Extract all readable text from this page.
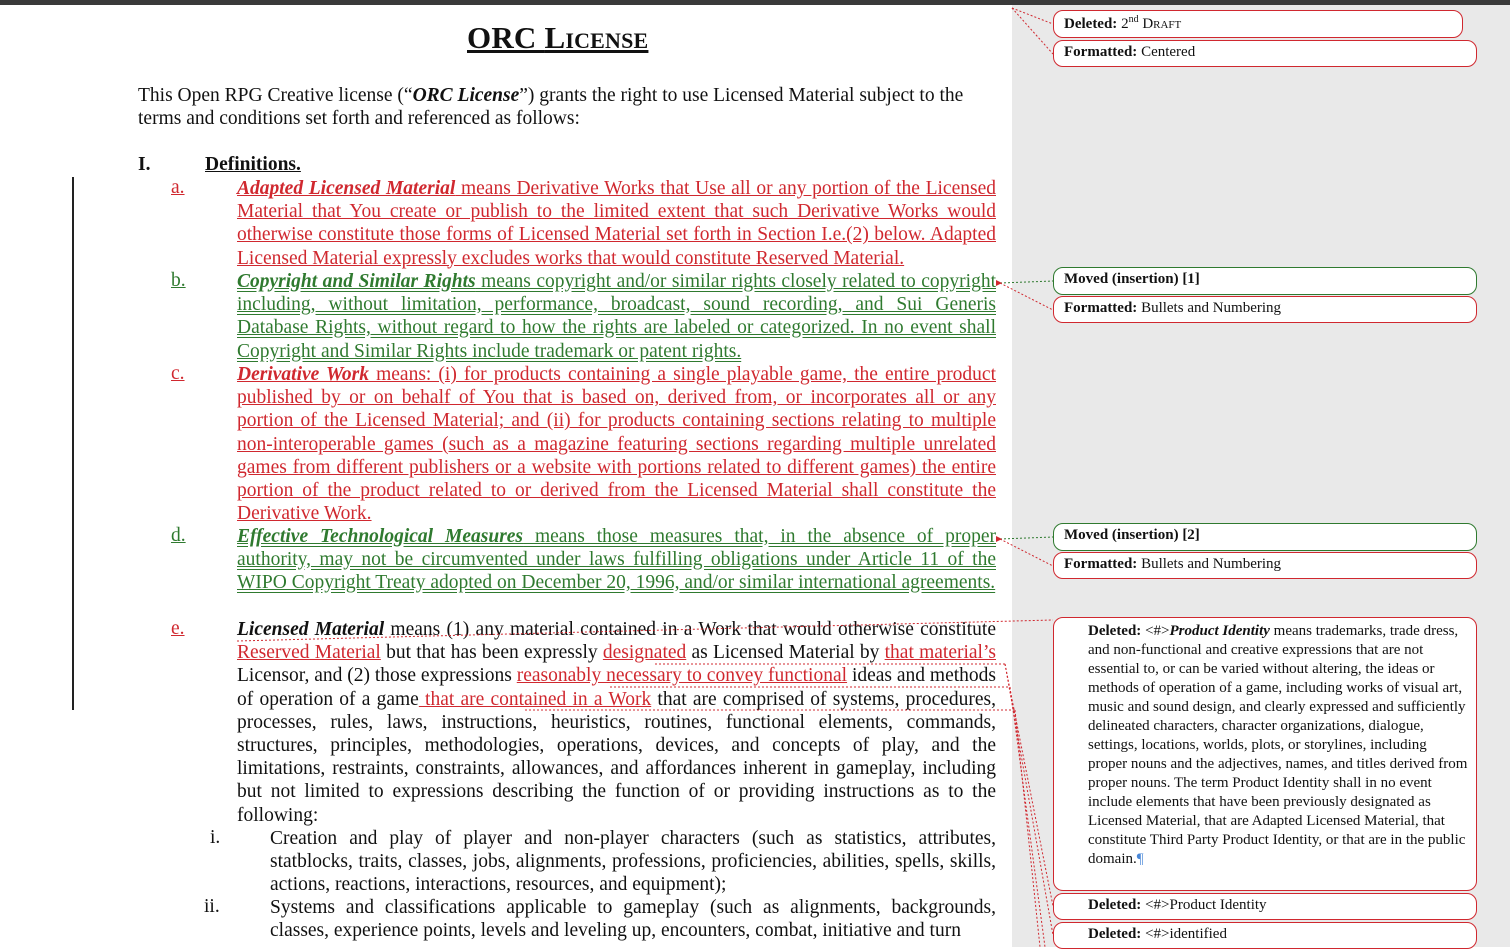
ORC License
This Open RPG Creative license (“ORC License”) grants the right to use Licensed Material subject to the terms and conditions set forth and referenced as follows:
I.	Definitions.
a.	Adapted Licensed Material means Derivative Works that Use all or any portion of the Licensed Material that You create or publish to the limited extent that such Derivative Works would otherwise constitute those forms of Licensed Material set forth in Section I.e.(2) below. Adapted Licensed Material expressly excludes works that would constitute Reserved Material.
b.	Copyright and Similar Rights means copyright and/or similar rights closely related to copyright including, without limitation, performance, broadcast, sound recording, and Sui Generis Database Rights, without regard to how the rights are labeled or categorized. In no event shall Copyright and Similar Rights include trademark or patent rights.
c.	Derivative Work means: (i) for products containing a single playable game, the entire product published by or on behalf of You that is based on, derived from, or incorporates all or any portion of the Licensed Material; and (ii) for products containing sections relating to multiple non-interoperable games (such as a magazine featuring sections regarding multiple unrelated games from different publishers or a website with portions related to different games) the entire portion of the product related to or derived from the Licensed Material shall constitute the Derivative Work.
d.	Effective Technological Measures means those measures that, in the absence of proper authority, may not be circumvented under laws fulfilling obligations under Article 11 of the WIPO Copyright Treaty adopted on December 20, 1996, and/or similar international agreements.
e.	Licensed Material means (1) any material contained in a Work that would otherwise constitute Reserved Material but that has been expressly designated as Licensed Material by that material’s Licensor, and (2) those expressions reasonably necessary to convey functional ideas and methods of operation of a game that are contained in a Work that are comprised of systems, procedures, processes, rules, laws, instructions, heuristics, routines, functional elements, commands, structures, principles, methodologies, operations, devices, and concepts of play, and the limitations, restraints, constraints, allowances, and affordances inherent in gameplay, including but not limited to expressions describing the function of or providing instructions as to the following:
i.	Creation and play of player and non-player characters (such as statistics, attributes, statblocks, traits, classes, jobs, alignments, professions, proficiencies, abilities, spells, skills, actions, reactions, interactions, resources, and equipment);
ii.	Systems and classifications applicable to gameplay (such as alignments, backgrounds, classes, experience points, levels and leveling up, encounters, combat, initiative and turn
Deleted: 2nd Draft
Formatted: Centered
Moved (insertion) [1]
Formatted: Bullets and Numbering
Moved (insertion) [2]
Formatted: Bullets and Numbering
Deleted: <#>Product Identity means trademarks, trade dress, and non-functional and creative expressions that are not essential to, or can be varied without altering, the ideas or methods of operation of a game, including works of visual art, music and sound design, and clearly expressed and sufficiently delineated characters, character organizations, dialogue, settings, locations, worlds, plots, or storylines, including proper nouns and the adjectives, names, and titles derived from proper nouns. The term Product Identity shall in no event include elements that have been previously designated as Licensed Material, that are Adapted Licensed Material, that constitute Third Party Product Identity, or that are in the public domain.¶
Deleted: <#>Product Identity
Deleted: <#>identified
